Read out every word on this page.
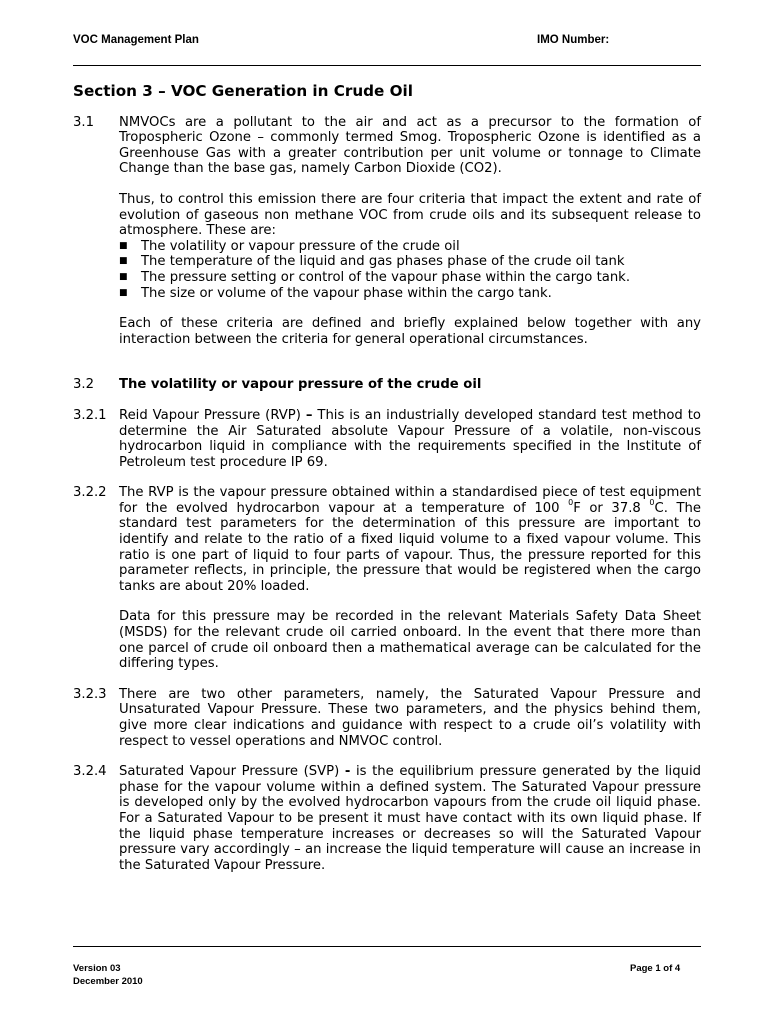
VOC Management Plan	IMO Number:
Section 3 – VOC Generation in Crude Oil
3.1 NMVOCs are a pollutant to the air and act as a precursor to the formation of Tropospheric Ozone – commonly termed Smog. Tropospheric Ozone is identified as a Greenhouse Gas with a greater contribution per unit volume or tonnage to Climate Change than the base gas, namely Carbon Dioxide (CO2).

Thus, to control this emission there are four criteria that impact the extent and rate of evolution of gaseous non methane VOC from crude oils and its subsequent release to atmosphere. These are:

■ The volatility or vapour pressure of the crude oil
■ The temperature of the liquid and gas phases phase of the crude oil tank
■ The pressure setting or control of the vapour phase within the cargo tank.
■ The size or volume of the vapour phase within the cargo tank.

Each of these criteria are defined and briefly explained below together with any interaction between the criteria for general operational circumstances.

3.2 The volatility or vapour pressure of the crude oil
3.2.1 Reid Vapour Pressure (RVP) – This is an industrially developed standard test method to determine the Air Saturated absolute Vapour Pressure of a volatile, non-viscous hydrocarbon liquid in compliance with the requirements specified in the Institute of Petroleum test procedure IP 69.

3.2.2 The RVP is the vapour pressure obtained within a standardised piece of test equipment for the evolved hydrocarbon vapour at a temperature of 100 $^0$F or 37.8 $^0$C. The standard test parameters for the determination of this pressure are important to identify and relate to the ratio of a fixed liquid volume to a fixed vapour volume. This ratio is one part of liquid to four parts of vapour. Thus, the pressure reported for this parameter reflects, in principle, the pressure that would be registered when the cargo tanks are about 20% loaded.

Data for this pressure may be recorded in the relevant Materials Safety Data Sheet (MSDS) for the relevant crude oil carried onboard. In the event that there more than one parcel of crude oil onboard then a mathematical average can be calculated for the differing types.

3.2.3 There are two other parameters, namely, the Saturated Vapour Pressure and Unsaturated Vapour Pressure. These two parameters, and the physics behind them, give more clear indications and guidance with respect to a crude oil’s volatility with respect to vessel operations and NMVOC control.

3.2.4 Saturated Vapour Pressure (SVP) - is the equilibrium pressure generated by the liquid phase for the vapour volume within a defined system. The Saturated Vapour pressure is developed only by the evolved hydrocarbon vapours from the crude oil liquid phase. For a Saturated Vapour to be present it must have contact with its own liquid phase. If the liquid phase temperature increases or decreases so will the Saturated Vapour pressure vary accordingly – an increase the liquid temperature will cause an increase in the Saturated Vapour Pressure.

Version 03
December 2010
Page 1 of 4
